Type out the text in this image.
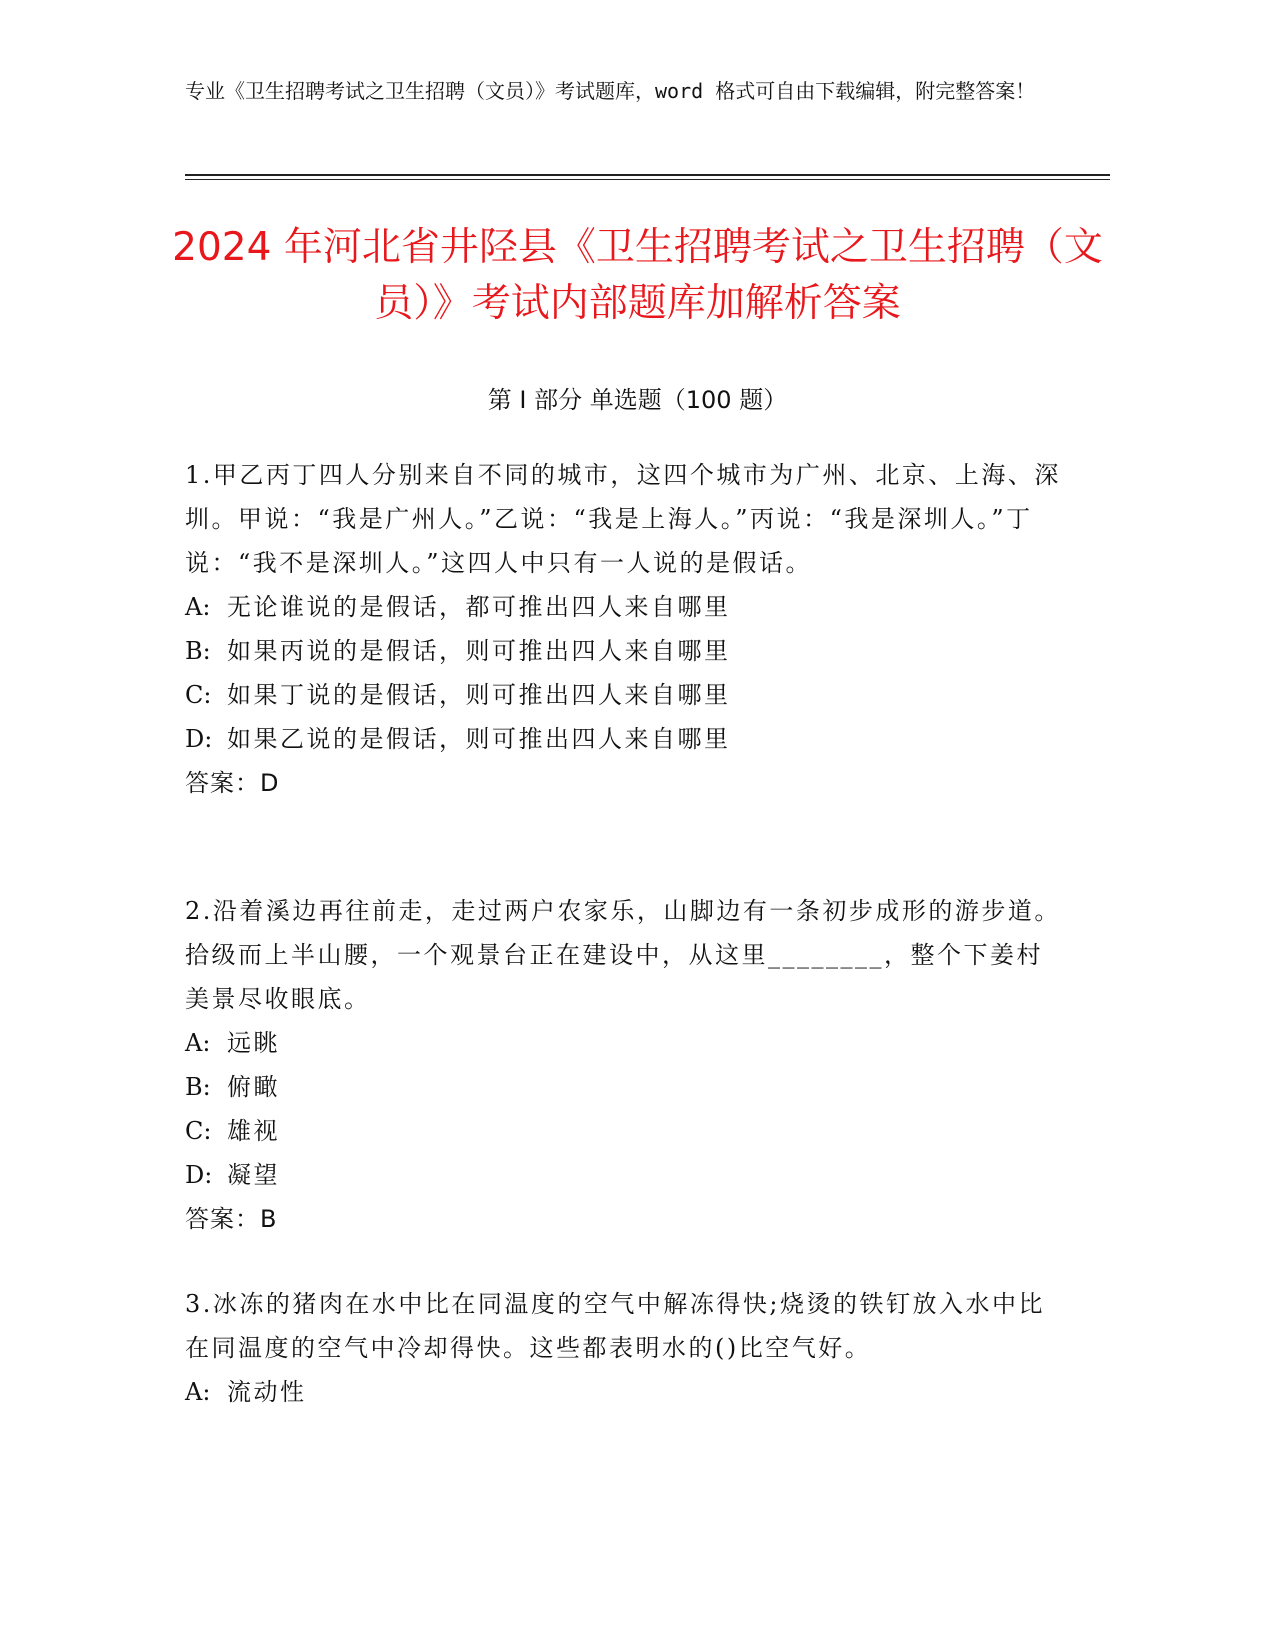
专业《卫生招聘考试之卫生招聘（文员）》考试题库，word 格式可自由下载编辑，附完整答案！
2024 年河北省井陉县《卫生招聘考试之卫生招聘（文员）》考试内部题库加解析答案
第 I 部分 单选题（100 题）

1.甲乙丙丁四人分别来自不同的城市，这四个城市为广州、北京、上海、深圳。甲说：“我是广州人。”乙说：“我是上海人。”丙说：“我是深圳人。”丁说：“我不是深圳人。”这四人中只有一人说的是假话。

A: 无论谁说的是假话，都可推出四人来自哪里

B: 如果丙说的是假话，则可推出四人来自哪里

C: 如果丁说的是假话，则可推出四人来自哪里

D: 如果乙说的是假话，则可推出四人来自哪里

答案：D

2.沿着溪边再往前走，走过两户农家乐，山脚边有一条初步成形的游步道。拾级而上半山腰，一个观景台正在建设中，从这里________，整个下姜村美景尽收眼底。

A: 远眺

B: 俯瞰

C: 雄视

D: 凝望

答案：B

3.冰冻的猪肉在水中比在同温度的空气中解冻得快;烧烫的铁钉放入水中比在同温度的空气中冷却得快。这些都表明水的()比空气好。

A: 流动性
